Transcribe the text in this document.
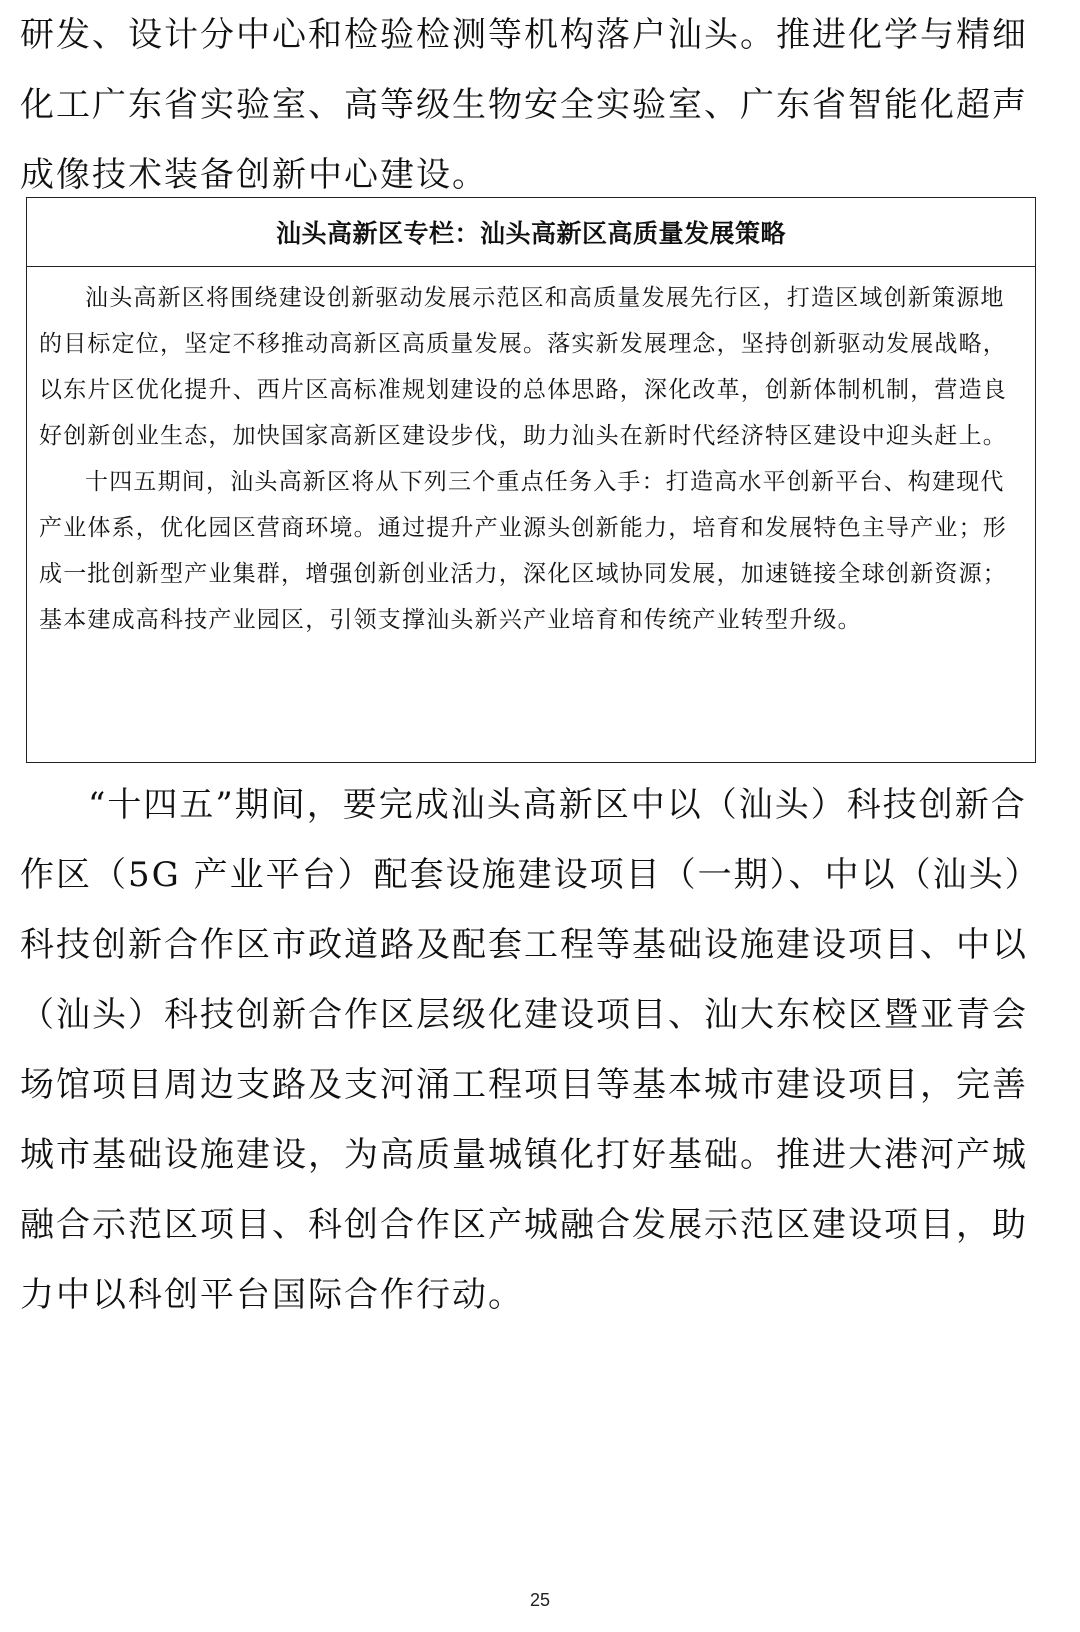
研发、设计分中心和检验检测等机构落户汕头。推进化学与精细化工广东省实验室、高等级生物安全实验室、广东省智能化超声成像技术装备创新中心建设。

汕头高新区专栏：汕头高新区高质量发展策略

汕头高新区将围绕建设创新驱动发展示范区和高质量发展先行区，打造区域创新策源地的目标定位，坚定不移推动高新区高质量发展。落实新发展理念，坚持创新驱动发展战略，以东片区优化提升、西片区高标准规划建设的总体思路，深化改革，创新体制机制，营造良好创新创业生态，加快国家高新区建设步伐，助力汕头在新时代经济特区建设中迎头赶上。

十四五期间，汕头高新区将从下列三个重点任务入手：打造高水平创新平台、构建现代产业体系，优化园区营商环境。通过提升产业源头创新能力，培育和发展特色主导产业；形成一批创新型产业集群，增强创新创业活力，深化区域协同发展，加速链接全球创新资源；基本建成高科技产业园区，引领支撑汕头新兴产业培育和传统产业转型升级。

“十四五”期间，要完成汕头高新区中以（汕头）科技创新合作区（5G 产业平台）配套设施建设项目（一期）、中以（汕头）科技创新合作区市政道路及配套工程等基础设施建设项目、中以（汕头）科技创新合作区层级化建设项目、汕大东校区暨亚青会场馆项目周边支路及支河涌工程项目等基本城市建设项目，完善城市基础设施建设，为高质量城镇化打好基础。推进大港河产城融合示范区项目、科创合作区产城融合发展示范区建设项目，助力中以科创平台国际合作行动。

25
